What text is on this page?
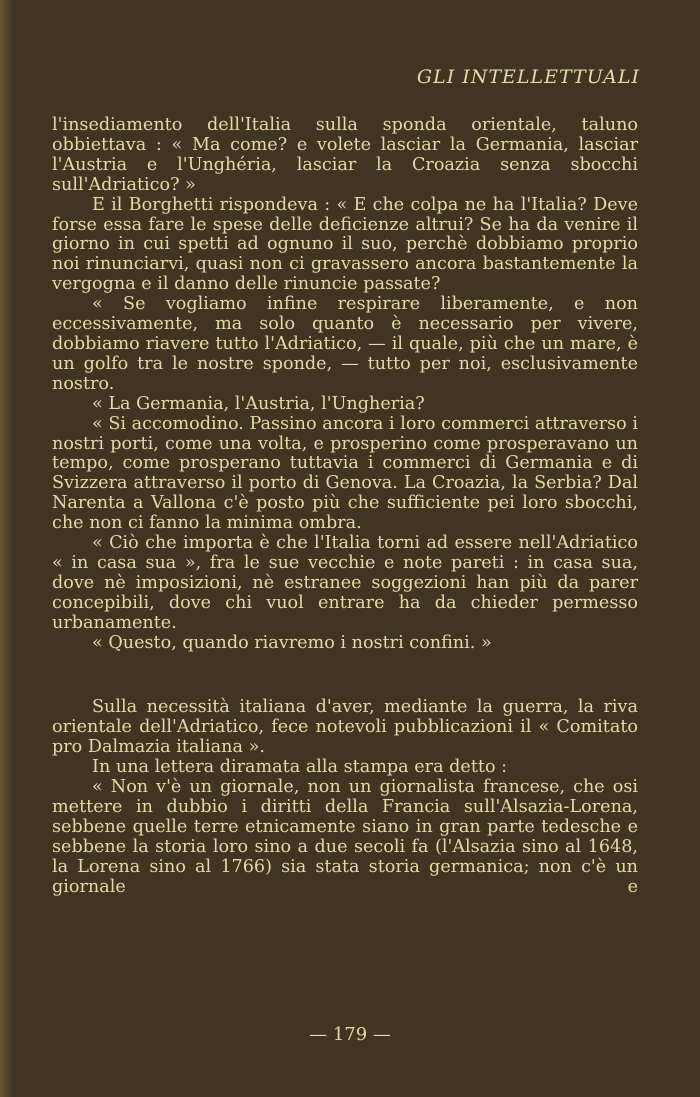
GLI INTELLETTUALI

l'insediamento dell'Italia sulla sponda orientale, taluno obbiettava : « Ma come? e volete lasciar la Germania, lasciar l'Austria e l'Unghéria, lasciar la Croazia senza sbocchi sull'Adriatico? »

E il Borghetti rispondeva : « E che colpa ne ha l'Italia? Deve forse essa fare le spese delle deficienze altrui? Se ha da venire il giorno in cui spetti ad ognuno il suo, perchè dobbiamo proprio noi rinunciarvi, quasi non ci gravassero ancora bastantemente la vergogna e il danno delle rinuncie passate?

« Se vogliamo infine respirare liberamente, e non eccessivamente, ma solo quanto è necessario per vivere, dobbiamo riavere tutto l'Adriatico, — il quale, più che un mare, è un golfo tra le nostre sponde, — tutto per noi, esclusivamente nostro.

« La Germania, l'Austria, l'Ungheria?

« Si accomodino. Passino ancora i loro commerci attraverso i nostri porti, come una volta, e prosperino come prosperavano un tempo, come prosperano tuttavia i commerci di Germania e di Svizzera attraverso il porto di Genova. La Croazia, la Serbia? Dal Narenta a Vallona c'è posto più che sufficiente pei loro sbocchi, che non ci fanno la minima ombra.

« Ciò che importa è che l'Italia torni ad essere nell'Adriatico « in casa sua », fra le sue vecchie e note pareti : in casa sua, dove nè imposizioni, nè estranee soggezioni han più da parer concepibili, dove chi vuol entrare ha da chieder permesso urbanamente.

« Questo, quando riavremo i nostri confini. »

Sulla necessità italiana d'aver, mediante la guerra, la riva orientale dell'Adriatico, fece notevoli pubblicazioni il « Comitato pro Dalmazia italiana ».

In una lettera diramata alla stampa era detto :

« Non v'è un giornale, non un giornalista francese, che osi mettere in dubbio i diritti della Francia sull'Alsazia-Lorena, sebbene quelle terre etnicamente siano in gran parte tedesche e sebbene la storia loro sino a due secoli fa (l'Alsazia sino al 1648, la Lorena sino al 1766) sia stata storia germanica; non c'è un giornale e

— 179 —
